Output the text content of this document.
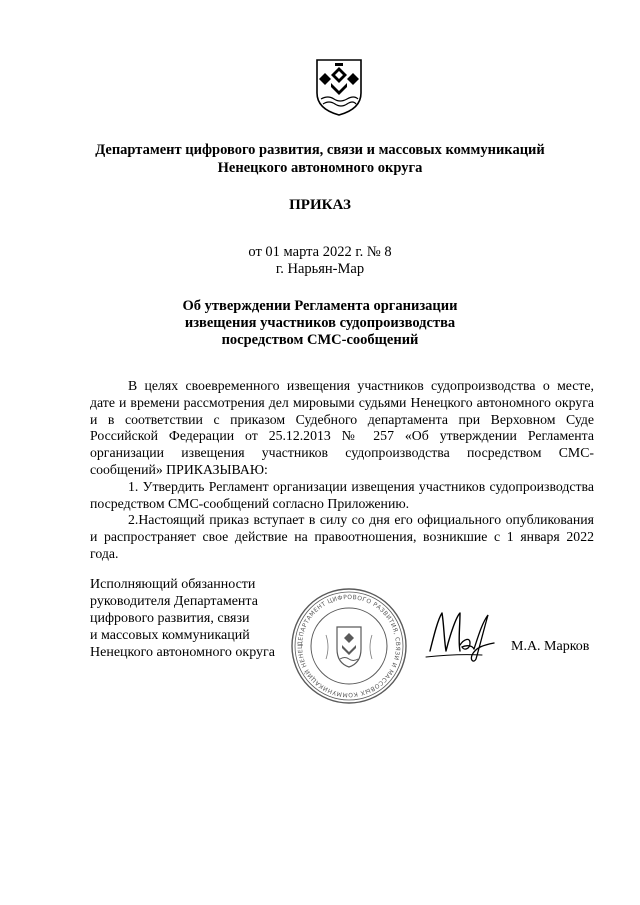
Департамент цифрового развития, связи и массовых коммуникаций
Ненецкого автономного округа
ПРИКАЗ
от 01 марта 2022 г. № 8
г. Нарьян-Мар
Об утверждении Регламента организации
извещения участников судопроизводства
посредством СМС-сообщений

В целях своевременного извещения участников судопроизводства о месте, дате и времени рассмотрения дел мировыми судьями Ненецкого автономного округа и в соответствии с приказом Судебного департамента при Верховном Суде Российской Федерации от 25.12.2013 № 257 «Об утверждении Регламента организации извещения участников судопроизводства посредством СМС-сообщений» ПРИКАЗЫВАЮ:

1. Утвердить Регламент организации извещения участников судопроизводства посредством СМС-сообщений согласно Приложению.

2.Настоящий приказ вступает в силу со дня его официального опубликования и распространяет свое действие на правоотношения, возникшие с 1 января 2022 года.

Исполняющий обязанности
руководителя Департамента
цифрового развития, связи
и массовых коммуникаций
Ненецкого автономного округа
ДЕПАРТАМЕНТ ЦИФРОВОГО РАЗВИТИЯ, СВЯЗИ И МАССОВЫХ КОММУНИКАЦИЙ НЕНЕЦ	М.А. Марков
